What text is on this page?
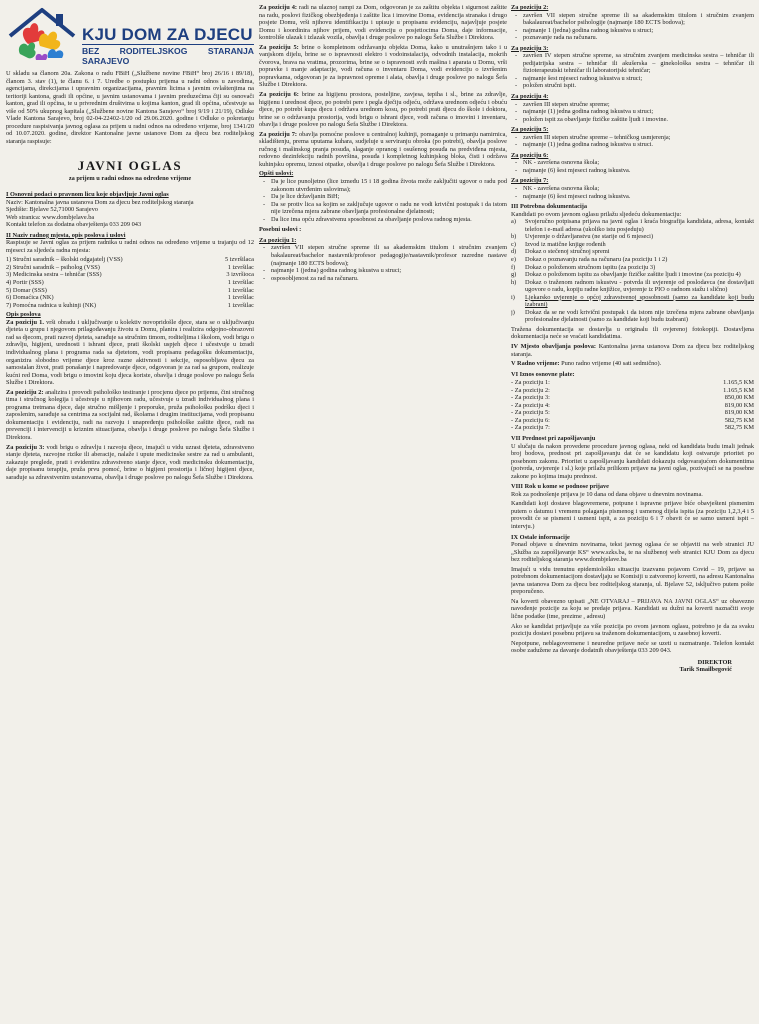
KJU DOM ZA DJECU
BEZ RODITELJSKOG STARANJA SARAJEVO

U skladu sa članom 20a. Zakona o radu FBiH („Službene novine FBiH“ broj 26/16 i 89/18), članom 3. stav (1), te članu 6. i 7. Uredbe o postupku prijema u radni odnos u zavodima, agencijama, direkcijama i upravnim organizacijama, pravnim licima s javnim ovlaštenjima na teritoriji kantona, gradi ili općine, u javnim ustanovama i javnim preduzećima čiji su osnovači kanton, grad ili općina, te u privrednim društvima u kojima kanton, grad ili općina, učestvuje sa više od 50% ukupnog kapitala („Službene novine Kantona Sarajevo“ broj 9/19 i 21/19), Odluke Vlade Kantona Sarajevo, broj 02-04-22402-1/20 od 29.06.2020. godine i Odluke o pokretanju procedure raspisivanja javnog oglasa za prijem u radni odnos na određeno vrijeme, broj 1341/20 od 10.07.2020. godine, direktor Kantonalne javne ustanove Dom za djecu bez roditeljskog staranja raspisuje:

JAVNI OGLAS
za prijem u radni odnos na određeno vrijeme
I Osnovni podaci o pravnom licu koje objavljuje Javni oglas
Naziv: Kantonalna javna ustanova Dom za djecu bez roditeljskog staranja
Sjedište: Bjelave 52,71000 Sarajevo
Web stranica: www.dombjelave.ba
Kontakt telefon za dodatna obavještenja 033 209 043
II Naziv radnog mjesta, opis poslova i uslovi

Raspisuje se Javni oglas za prijem radnika u radni odnos na određeno vrijeme u trajanju od 12 mjeseci za sljedeća radna mjesta:

1) Stručni saradnik – školski odgajatelj (VSS)	5 izvršilaca
2) Stručni saradnik – psiholog (VSS)	1 izvršilac
3) Medicinska sestra – tehničar (SSS)	3 izvršioca
4) Portir (SSS)	1 izvršilac
5) Domar (SSS)	1 izvršilac
6) Domaćica (NK)	1 izvršilac
7) Pomoćna radnica u kuhinji (NK)	1 izvršilac
Opis poslova

Za poziciju 1. vrši obradu i uključivanje u kolektiv novopridošle djece, stara se o uključivanju djeteta u grupu i njegovom prilagođavanju životu u Domu, planira i realizira odgojno-obrazovni rad sa djecom, prati razvoj djeteta, sarađuje sa stručnim timom, roditeljima i školom, vodi brigu o zdravlju, higijeni, urednosti i ishrani djece, prati školski uspjeh djece i učestvuje u izradi individualnog plana i programa rada sa djetetom, vodi propisanu pedagošku dokumentaciju, organizira slobodno vrijeme djece kroz razne aktivnosti i sekcije, osposobljava djecu za samostalan život, prati ponašanje i napredovanje djece, odgovoran je za rad sa grupom, realizuje kućni red Doma, vodi brigu o imovini koju djeca koriste, obavlja i druge poslove po nalogu Šefa Službe i Direktora.

Za poziciju 2: analizira i provodi psihološko testiranje i procjenu djece po prijemu, čini stručnog tima i stručnog kolegija i učestvuje u njihovom radu, učestvuje u izradi individualnog plana i programa tretmana djece, daje stručno mišljenje i preporuke, pruža psihološku podršku djeci i zaposlenim, sarađuje sa centrima za socijalni rad, školama i drugim institucijama, vodi propisanu dokumentaciju i evidenciju, radi na razvoju i unapređenju psihološke zaštite djece, radi na prevenciji i intervenciji u kriznim situacijama, obavlja i druge poslove po nalogu Šefa Službe i Direktora.

Za poziciju 3: vodi brigu o zdravlju i razvoju djece, imajući u vidu uzrast djeteta, zdravstveno stanje djeteta, razvojne rizike ili aberacije, nalaže i upute medicinske sestre za rad u ambulanti, zakazuje preglede, prati i evidentira zdravstveno stanje djece, vodi medicinsku dokumentaciju, daje propisanu terapiju, pruža prvu pomoć, brine o higijeni prostorija i ličnoj higijeni djece, sarađuje sa zdravstvenim ustanovama, obavlja i druge poslove po nalogu Šefa Službe i Direktora.

Za poziciju 4: radi na ulaznoj rampi za Dom, odgovoran je za zaštitu objekta i sigurnost zaštite na radu, poslovi fizičkog obezbjeđenja i zaštite lica i imovine Doma, evidencija stranaka i drugo posjete Domu, vrši njihovu identifikaciju i upisuje u propisanu evidenciju, najavljuje posjete Domu i koordinira njihov prijem, vodi evidenciju o posjetiocima Doma, daje informacije, kontroliše ulazak i izlazak vozila, obavlja i druge poslove po nalogu Šefa Službe i Direktora.

Za poziciju 5: brine o kompletnom održavanju objekta Doma, kako u unutrašnjem tako i u vanjskom dijelu, brine se o ispravnosti elektro i vodoinstalacija, odvodnih instalacija, mokrih čvorova, brava na vratima, prozorima, brine se o ispravnosti svih mašina i aparata u Domu, vrši popravke i manje adaptacije, vodi računa o inventaru Doma, vodi evidenciju o izvršenim popravkama, odgovoran je za ispravnost opreme i alata, obavlja i druge poslove po nalogu Šefa Službe i Direktora.

Za poziciju 6: brine za higijenu prostora, posteljine, zavjesa, tepiha i sl., brine za zdravlje, higijenu i urednost djece, po potrebi pere i pegla dječiju odjeću, održava urednom odjeću i obuću djece, po potrebi kupa djecu i održava urednom kosu, po potrebi prati djecu do škole i doktora, brine se o održavanju prostorija, vodi brigu o ishrani djece, vodi računa o imovini i inventaru, obavlja i druge poslove po nalogu Šefa Službe i Direktora.

Za poziciju 7: obavlja pomoćne poslove u centralnoj kuhinji, pomaganje u primanju namirnica, skladištenju, prema uputama kuhara, sudjeluje u serviranju obroka (po potrebi), obavlja poslove ručnog i mašinskog pranja posuđa, slaganje opranog i osušenog posuđa na predviđena mjesta, redovno dezinfekciju radnih površina, posuđa i kompletnog kuhinjskog bloka, čisti i održava kuhinjsku opremu, iznosi otpatke, obavlja i druge poslove po nalogu Šefa Službe i Direktora.

Opšti uslovi:
- Da je lice punoljetno (lice između 15 i 18 godina života može zaključiti ugovor o radu pod zakonom utvrđenim uslovima);
- Da je lice državljanin BiH;
- Da se protiv lica sa kojim se zaključuje ugovor o radu ne vodi krivični postupak i da istom nije izrečena mjera zabrane obavljanja profesionalne djelatnosti;
- Da lice ima opću zdravstvenu sposobnost za obavljanje poslova radnog mjesta.
Posebni uslovi :
Za poziciju 1:
- završen VII stepen stručne spreme ili sa akademskim titulom i stručnim zvanjem bakalaureat/bachelor nastavnik/profesor pedagogije/nastavnik/profesor razredne nastave (najmanje 180 ECTS bodova);
- najmanje 1 (jedna) godina radnog iskustva u struci;
- osposobljenost za rad na računaru.
Za poziciju 2:
- završen VII stepen stručne spreme ili sa akademskim titulom i stručnim zvanjem bakalaureat/bachelor psihologije (najmanje 180 ECTS bodova);
- najmanje 1 (jedna) godina radnog iskustva u struci;
- poznavanje rada na računaru.
Za poziciju 3:
- završen IV stepen stručne spreme, sa stručnim zvanjem medicinska sestra – tehničar ili pedijatrijska sestra – tehničar ili akušerska – ginekološka sestra – tehničar ili fizioterapeutski tehničar ili laboratorijski tehničar;
- najmanje šest mjeseci radnog iskustva u struci;
- položen stručni ispit.
Za poziciju 4:
- završen III stepen stručne spreme;
- najmanje (1) jedna godina radnog iskustva u struci;
- položen ispit za obavljanje fizičke zaštite ljudi i imovine.
Za poziciju 5:
- završen III stepen stručne spreme – tehničkog usmjerenja;
- najmanje (1) jedna godina radnog iskustva u struci.
Za poziciju 6:
- NK - završena osnovna škola;
- najmanje (6) šest mjeseci radnog iskustva.
Za poziciju 7:
- NK - završena osnovna škola;
- najmanje (6) šest mjeseci radnog iskustva.
III Potrebna dokumentacija
Kandidati po ovom javnom oglasu prilažu sljedeću dokumentaciju:
a)	Svojeručno potpisana prijava na javni oglas i kraća biografija kandidata, adresa, kontakt telefon i e-mail adresa (ukoliko istu posjeduju)
b)	Uvjerenje o državljanstvu (ne starije od 6 mjeseci)
c)	Izvod iz matične knjige rođenih
d)	Dokaz o stečenoj stručnoj spremi
e)	Dokaz o poznavanju rada na računaru (za poziciju 1 i 2)
f)	Dokaz o položenom stručnom ispitu (za poziciju 3)
g)	Dokaz o položenom ispitu za obavljanje fizičke zaštite ljudi i imovine (za poziciju 4)
h)	Dokaz o traženom radnom iskustvu - potvrda ili uvjerenje od poslodavca (ne dostavljati ugovore o radu, kopiju radne knjižice, uvjerenje iz PIO o radnom stažu i slično)
i)	Ljekarsko uvjerenje o općoj zdravstvenoj sposobnosti (samo za kandidate koji budu izabrani)
j)	Dokaz da se ne vodi krivični postupak i da istom nije izrečena mjera zabrane obavljanja profesionalne djelatnosti (samo za kandidate koji budu izabrani)

Tražena dokumentacija se dostavlja u originalu ili ovjerenoj fotokopiji. Dostavljena dokumentacija neće se vraćati kandidatima.

IV Mjesto obavljanja poslova: Kantonalna javna ustanova Dom za djecu bez roditeljskog staranja.

V Radno vrijeme: Puno radno vrijeme (40 sati sedmično).

VI Iznos osnovne plate:
- Za poziciju 1:	1.165,5 KM
- Za poziciju 2:	1.165,5 KM
- Za poziciju 3:	850,00 KM
- Za poziciju 4:	819,00 KM
- Za poziciju 5:	819,00 KM
- Za poziciju 6:	582,75 KM
- Za poziciju 7:	582,75 KM
VII Prednost pri zapošljavanju

U slučaju da nakon provedene procedure javnog oglasa, neki od kandidata budu imali jednak broj bodova, prednost pri zapošljavanju dat će se kandidatu koji ostvaruje prioritet po posebnom zakonu. Prioritet u zapošljavanju kandidati dokazuju odgovarajućom dokumentima (potvrda, uvjerenje i sl.) koje prilažu prilikom prijave na javni oglas, pozivajući se na posebne zakone po kojima imaju prednost.

VIII Rok u kome se podnose prijave

Rok za podnošenje prijava je 10 dana od dana objave u dnevnim novinama.

Kandidati koji dostave blagovremene, potpune i ispravne prijave biće obavješteni pismenim putem o datumu i vremenu polaganja pismenog i usmenog dijela ispita (za poziciju 1,2,3,4 i 5 provodit će se pismeni i usmeni ispit, a za poziciju 6 i 7 obavit će se samo usmeni ispit – intervju.)

IX Ostale informacije

Ponad objave u dnevnim novinama, tekst javnog oglasa će se objaviti na web stranici JU „Služba za zapošljavanje KS“ www.szks.ba, te na službenoj web stranici KJU Dom za djecu bez roditeljskog staranja www.dombjelave.ba

Imajući u vidu trenutnu epidemiološku situaciju izazvanu pojavom Covid – 19, prijave sa potrebnom dokumentacijom dostavljaju se Komisiji u zatvorenoj koverti, na adresu Kantonalna javna ustanova Dom za djecu bez roditeljskog staranja, ul. Bjelave 52, isključivo putem pošte preporučeno.

Na koverti obavezno upisati „NE OTVARAJ – PRIJAVA NA JAVNI OGLAS“ uz obavezno navođenje pozicije za koju se predaje prijava. Kandidati su dužni na koverti naznačiti svoje lične podatke (ime, prezime , adresu)

Ako se kandidat prijavljuje za više pozicija po ovom javnom oglasu, potrebno je da za svaku poziciju dostavi posebnu prijavu sa traženom dokumentacijom, u zasebnoj koverti.

Nepotpune, neblagovremene i neuredne prijave neće se uzeti u razmatranje. Telefon kontakt osobe zadužene za davanje dodatnih obavještenja 033 209 043.

DIREKTOR
Tarik Smailbegović
